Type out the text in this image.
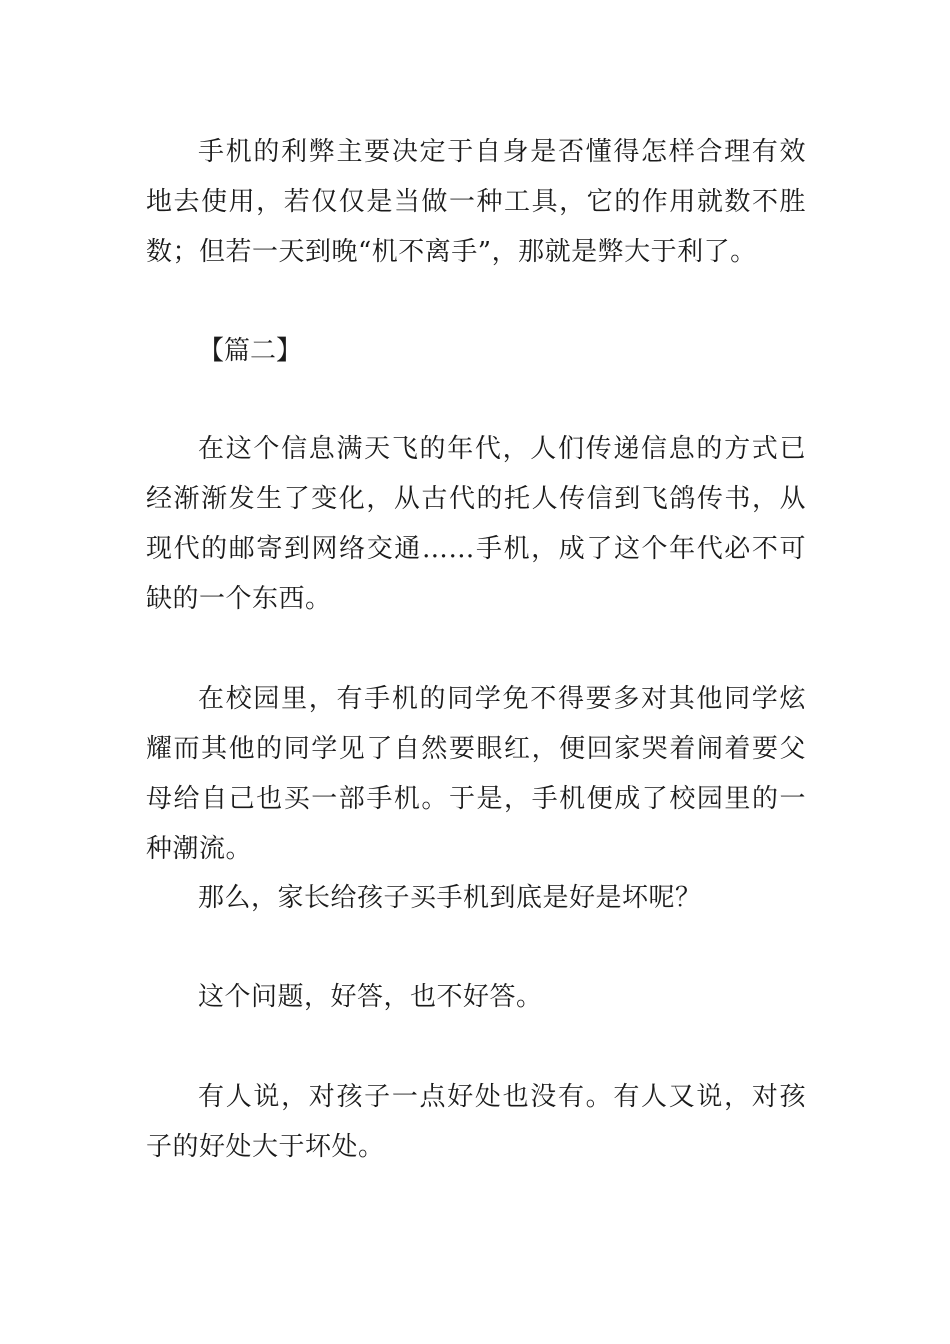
手机的利弊主要决定于自身是否懂得怎样合理有效地去使用，若仅仅是当做一种工具，它的作用就数不胜数；但若一天到晚“机不离手”，那就是弊大于利了。

【篇二】

在这个信息满天飞的年代，人们传递信息的方式已经渐渐发生了变化，从古代的托人传信到飞鸽传书，从现代的邮寄到网络交通……手机，成了这个年代必不可缺的一个东西。

在校园里，有手机的同学免不得要多对其他同学炫耀而其他的同学见了自然要眼红，便回家哭着闹着要父母给自己也买一部手机。于是，手机便成了校园里的一种潮流。

那么，家长给孩子买手机到底是好是坏呢？

这个问题，好答，也不好答。

有人说，对孩子一点好处也没有。有人又说，对孩子的好处大于坏处。
